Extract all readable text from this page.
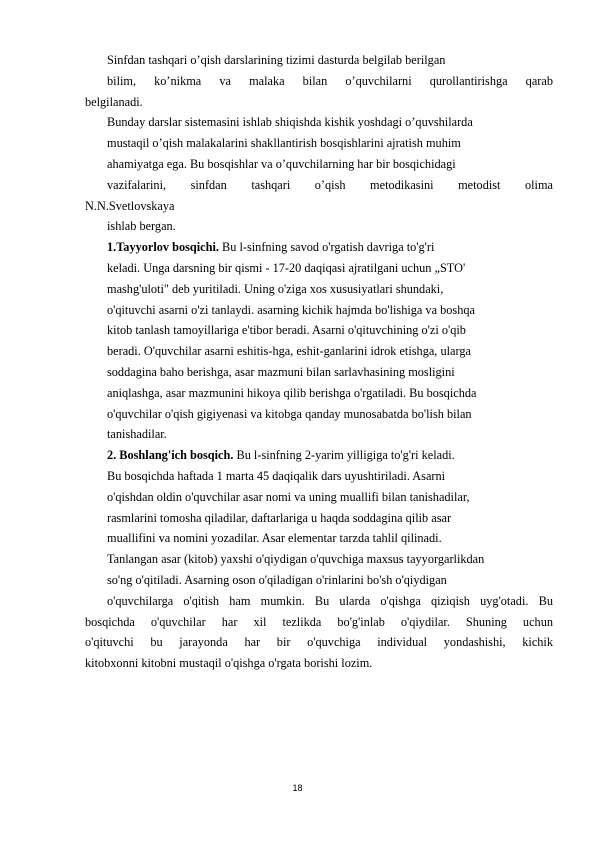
Sinfdan tashqari o’qish darslarining tizimi dasturda belgilab berilgan
bilim, ko’nikma va malaka bilan o’quvchilarni qurollantirishga qarab
belgilanadi.
Bunday darslar sistemasini ishlab shiqishda kishik yoshdagi o’quvshilarda
mustaqil o’qish malakalarini shakllantirish bosqishlarini ajratish muhim
ahamiyatga ega. Bu bosqishlar va o’quvchilarning har bir bosqichidagi
vazifalarini, sinfdan tashqari o’qish metodikasini metodist olima
N.N.Svetlovskaya
ishlab bergan.
1.Tayyorlov bosqichi. Bu l-sinfning savod o'rgatish davriga to'g'ri
keladi. Unga darsning bir qismi - 17-20 daqiqasi ajratilgani uchun „STO'
mashg'uloti" deb yuritiladi. Uning o'ziga xos xususiyatlari shundaki,
o'qituvchi asarni o'zi tanlaydi. asarning kichik hajmda bo'lishiga va boshqa
kitob tanlash tamoyillariga e'tibor beradi. Asarni o'qituvchining o'zi o'qib
beradi. O'quvchilar asarni eshitis-hga, eshit-ganlarini idrok etishga, ularga
soddagina baho berishga, asar mazmuni bilan sarlavhasining mosligini
aniqlashga, asar mazmunini hikoya qilib berishga o'rgatiladi. Bu bosqichda
o'quvchilar o'qish gigiyenasi va kitobga qanday munosabatda bo'lish bilan
tanishadilar.
2. Boshlang'ich bosqich. Bu l-sinfning 2-yarim yilligiga to'g'ri keladi.
Bu bosqichda haftada 1 marta 45 daqiqalik dars uyushtiriladi. Asarni
o'qishdan oldin o'quvchilar asar nomi va uning muallifi bilan tanishadilar,
rasmlarini tomosha qiladilar, daftarlariga u haqda soddagina qilib asar
muallifini va nomini yozadilar. Asar elementar tarzda tahlil qilinadi.
Tanlangan asar (kitob) yaxshi o'qiydigan o'quvchiga maxsus tayyorgarlikdan
so'ng o'qitiladi. Asarning oson o'qiladigan o'rinlarini bo'sh o'qiydigan
o'quvchilarga o'qitish ham mumkin. Bu ularda o'qishga qiziqish uyg'otadi. Bu
bosqichda o'quvchilar har xil tezlikda bo'g'inlab o'qiydilar. Shuning uchun
o'qituvchi bu jarayonda har bir o'quvchiga individual yondashishi, kichik
kitobxonni kitobni mustaqil o'qishga o'rgata borishi lozim.
18
